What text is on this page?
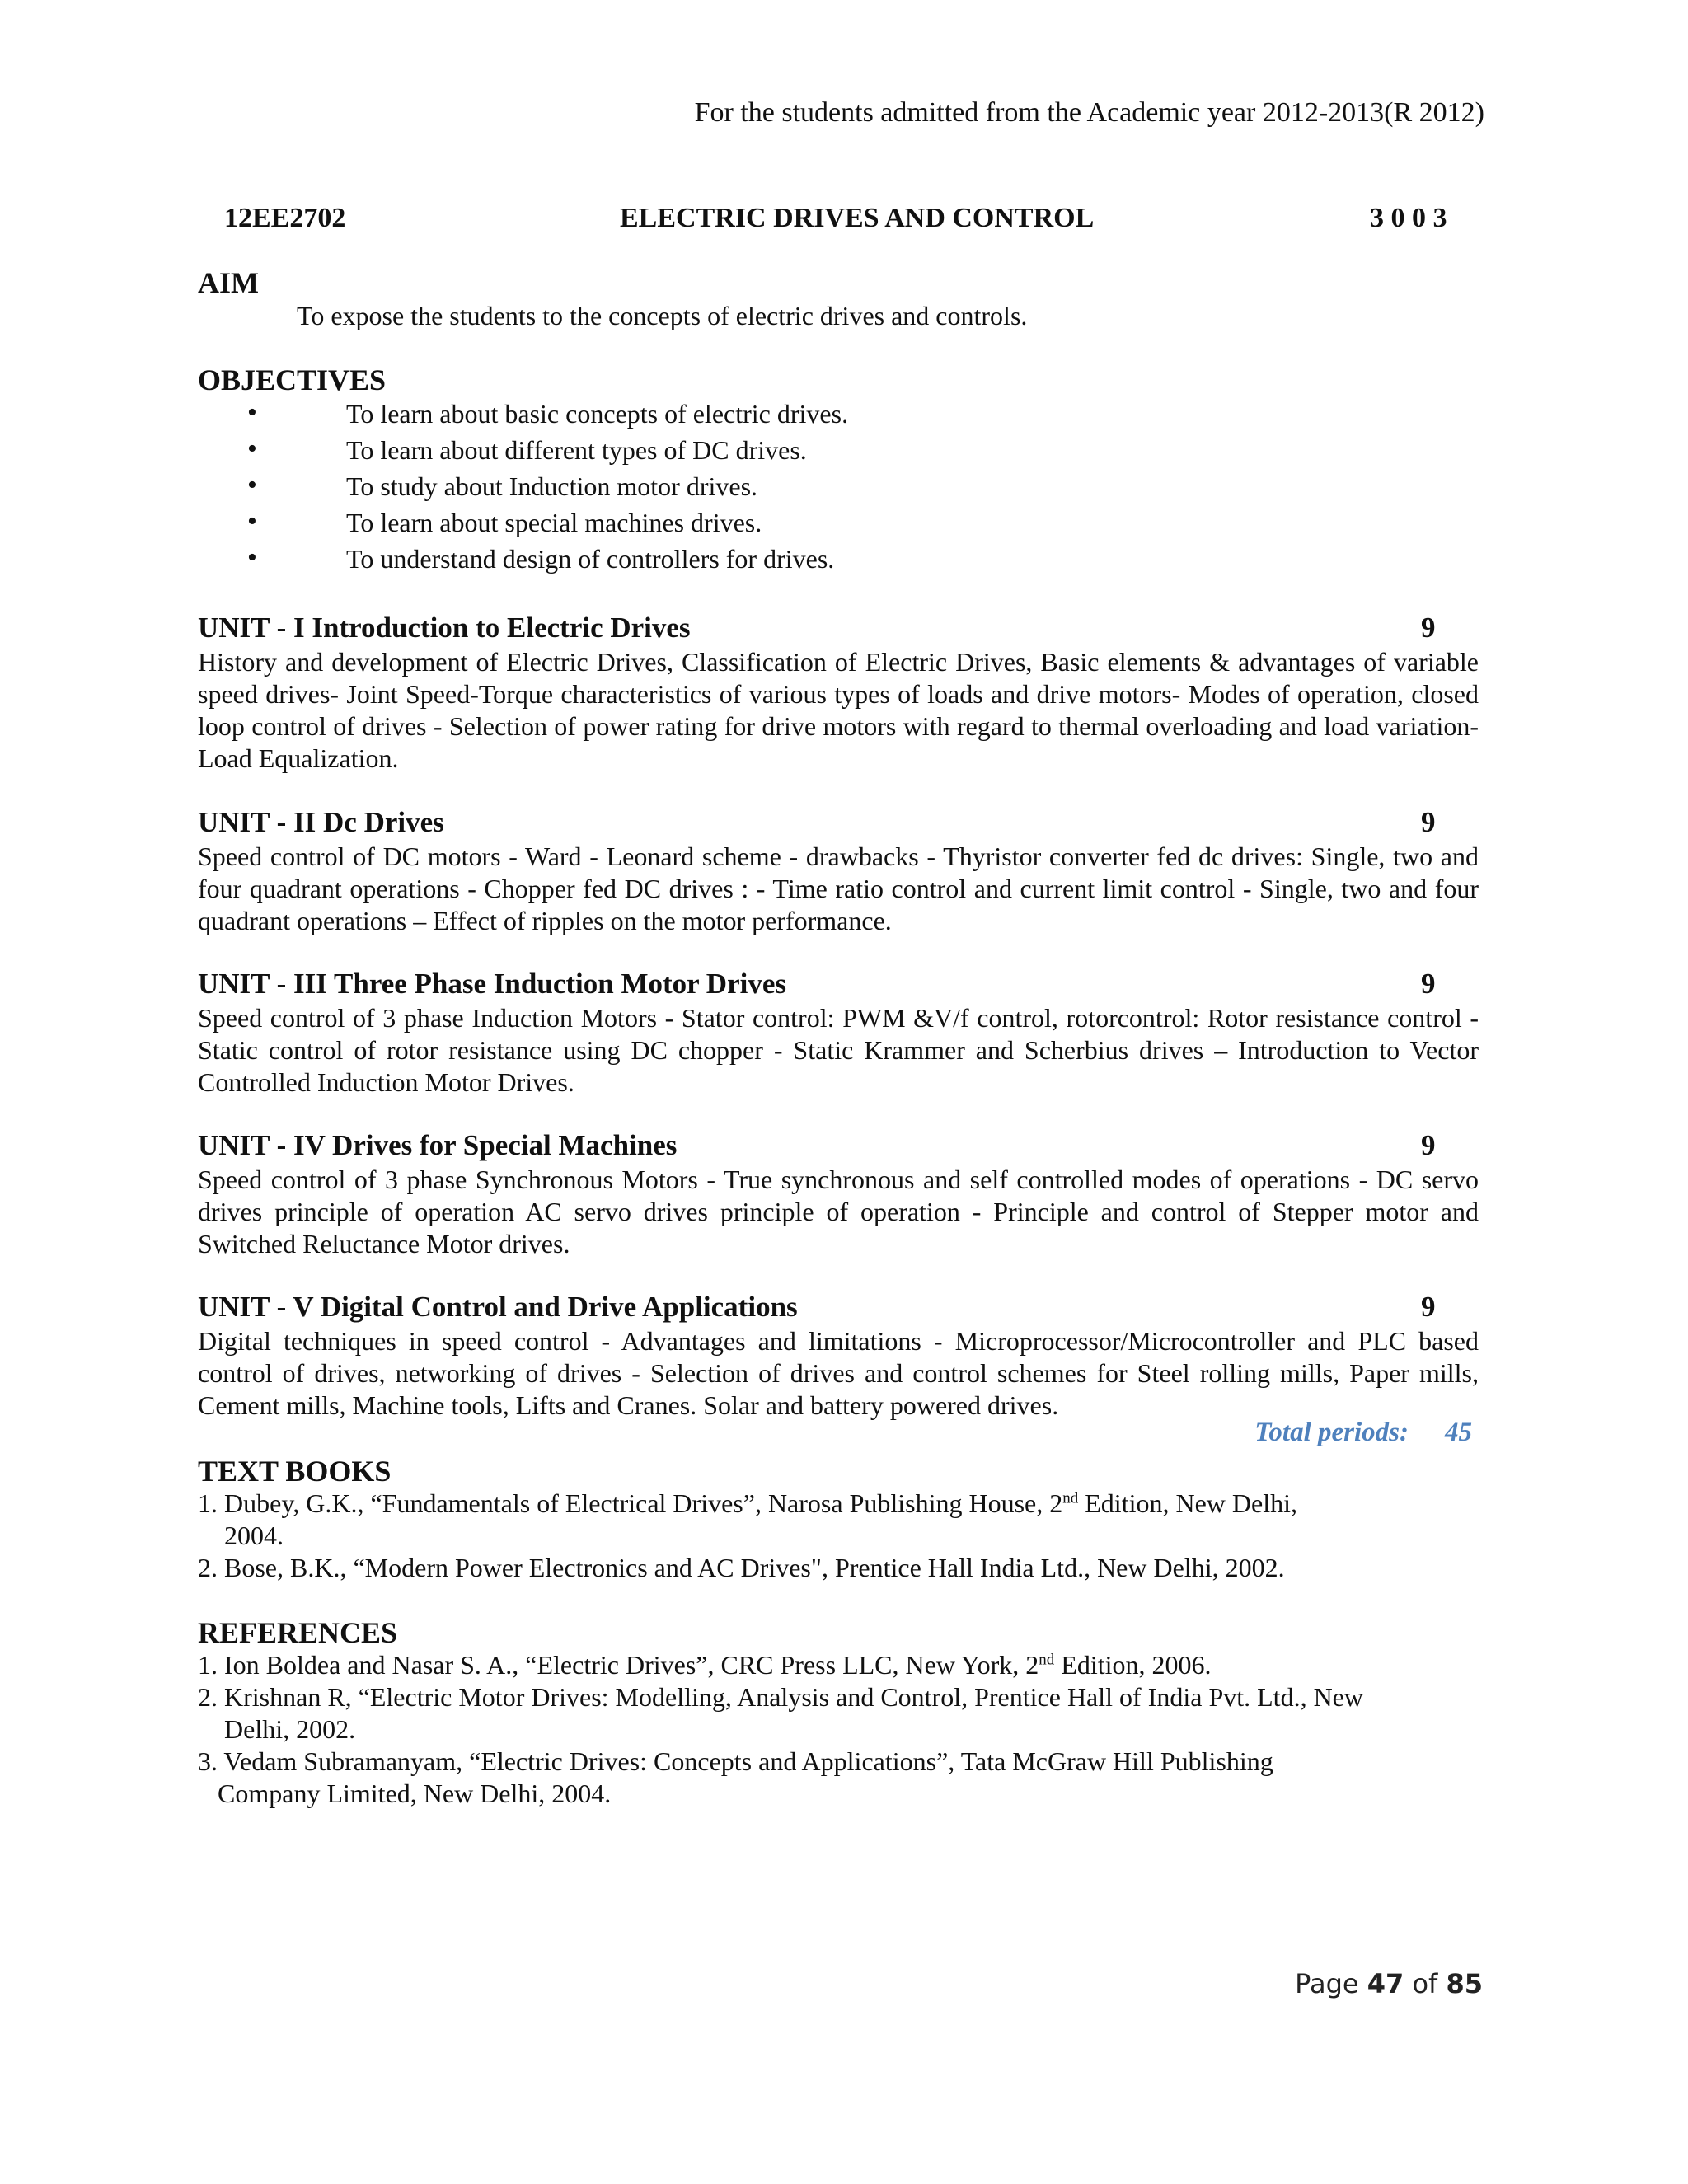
For the students admitted from the Academic year 2012-2013(R 2012)
12EE2702	ELECTRIC DRIVES AND CONTROL	3 0 0 3
AIM
To expose the students to the concepts of electric drives and controls.
OBJECTIVES
•	To learn about basic concepts of electric drives.
•	To learn about different types of DC drives.
•	To study about Induction motor drives.
•	To learn about special machines drives.
•	To understand design of controllers for drives.
UNIT - I Introduction to Electric Drives	9
History and development of Electric Drives, Classification of Electric Drives, Basic elements & advantages of variable speed drives- Joint Speed-Torque characteristics of various types of loads and drive motors- Modes of operation, closed loop control of drives - Selection of power rating for drive motors with regard to thermal overloading and load variation-Load Equalization.
UNIT - II Dc Drives	9
Speed control of DC motors - Ward - Leonard scheme - drawbacks - Thyristor converter fed dc drives: Single, two and four quadrant operations - Chopper fed DC drives : - Time ratio control and current limit control - Single, two and four quadrant operations – Effect of ripples on the motor performance.
UNIT - III Three Phase Induction Motor Drives	9
Speed control of 3 phase Induction Motors - Stator control: PWM &V/f control, rotorcontrol: Rotor resistance control - Static control of rotor resistance using DC chopper - Static Krammer and Scherbius drives – Introduction to Vector Controlled Induction Motor Drives.
UNIT - IV Drives for Special Machines	9
Speed control of 3 phase Synchronous Motors - True synchronous and self controlled modes of operations - DC servo drives principle of operation AC servo drives principle of operation - Principle and control of Stepper motor and Switched Reluctance Motor drives.
UNIT - V Digital Control and Drive Applications	9
Digital techniques in speed control - Advantages and limitations - Microprocessor/Microcontroller and PLC based control of drives, networking of drives - Selection of drives and control schemes for Steel rolling mills, Paper mills, Cement mills, Machine tools, Lifts and Cranes. Solar and battery powered drives.
Total periods: 45
TEXT BOOKS
1. Dubey, G.K., “Fundamentals of Electrical Drives”, Narosa Publishing House, 2nd Edition, New Delhi,
2004.
2. Bose, B.K., “Modern Power Electronics and AC Drives", Prentice Hall India Ltd., New Delhi, 2002.
REFERENCES
1. Ion Boldea and Nasar S. A., “Electric Drives”, CRC Press LLC, New York, 2nd Edition, 2006.
2. Krishnan R, “Electric Motor Drives: Modelling, Analysis and Control, Prentice Hall of India Pvt. Ltd., New
Delhi, 2002.
3. Vedam Subramanyam, “Electric Drives: Concepts and Applications”, Tata McGraw Hill Publishing
Company Limited, New Delhi, 2004.
Page 47 of 85
